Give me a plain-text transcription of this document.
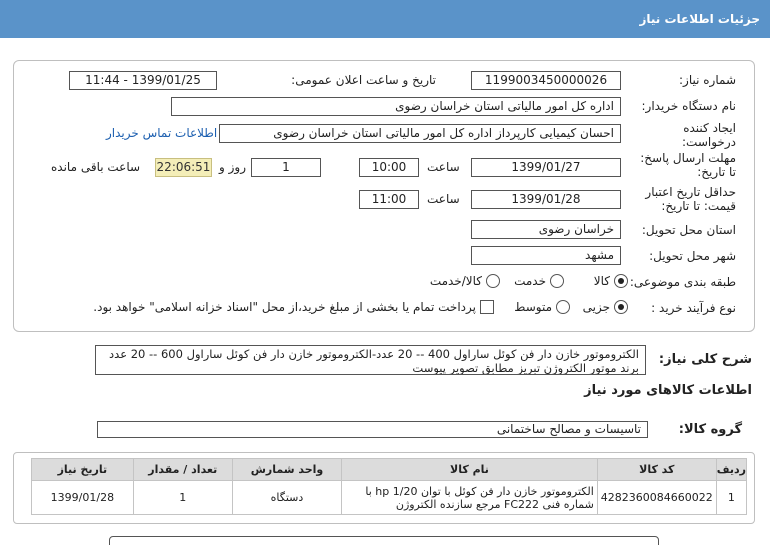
جزئیات اطلاعات نیاز
شماره نیاز:
1199003450000026
تاریخ و ساعت اعلان عمومی:
1399/01/25 - 11:44
نام دستگاه خریدار:
اداره کل امور مالیاتی استان خراسان رضوی
ایجاد کننده
درخواست:
احسان کیمیایی کارپرداز اداره کل امور مالیاتی استان خراسان رضوی
اطلاعات تماس خریدار
مهلت ارسال پاسخ:
تا تاریخ:
1399/01/27
ساعت
10:00
1
روز و
22:06:51
ساعت باقی مانده
حداقل تاریخ اعتبار
قیمت: تا تاریخ:
1399/01/28
ساعت
11:00
استان محل تحویل:
خراسان رضوی
شهر محل تحویل:
مشهد
طبقه بندی موضوعی:
کالا
خدمت
کالا/خدمت
نوع فرآیند خرید :
جزیی
متوسط
پرداخت تمام یا بخشی از مبلغ خرید،از محل "اسناد خزانه اسلامی" خواهد بود.
شرح کلی نیاز:
الکتروموتور خازن دار فن کوئل ساراول 400 -- 20 عدد-الکتروموتور خازن دار فن کوئل ساراول 600 -- 20 عدد برند موتور الکتروژن تبریز مطابق تصویر پیوست
اطلاعات کالاهای مورد نیاز
گروه کالا:
تاسیسات و مصالح ساختمانی
ردیف	کد کالا	نام کالا	واحد شمارش	تعداد / مقدار	تاریخ نیاز
1	4282360084660022	الکتروموتور خازن دار فن کوئل با توان hp 1/20 با شماره فنی FC222 مرجع سازنده الکتروژن	دستگاه	1	1399/01/28
